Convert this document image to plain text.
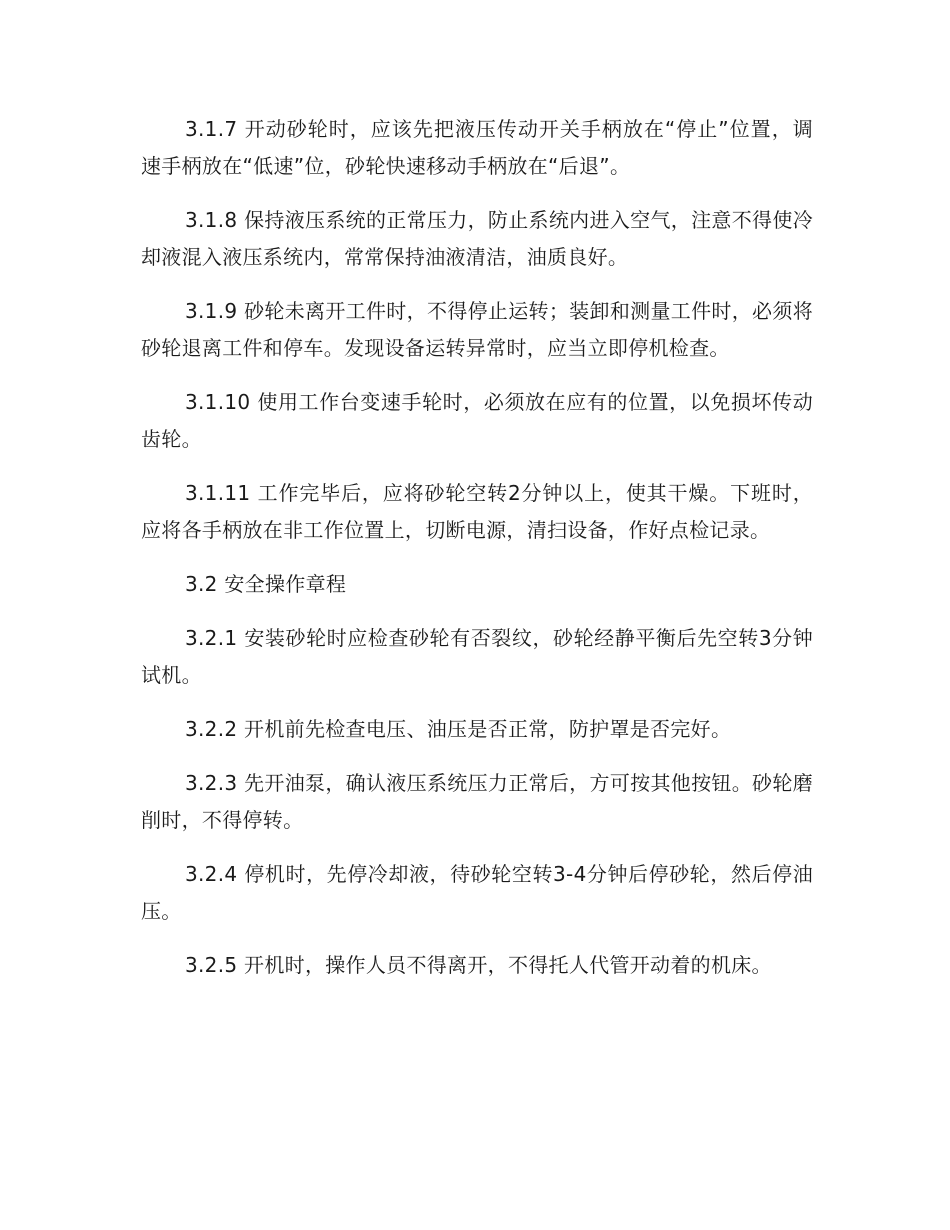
3.1.7 开动砂轮时，应该先把液压传动开关手柄放在“停止”位置，调速手柄放在“低速”位，砂轮快速移动手柄放在“后退”。

3.1.8 保持液压系统的正常压力，防止系统内进入空气，注意不得使冷却液混入液压系统内，常常保持油液清洁，油质良好。

3.1.9 砂轮未离开工件时，不得停止运转；装卸和测量工件时，必须将砂轮退离工件和停车。发现设备运转异常时，应当立即停机检查。

3.1.10 使用工作台变速手轮时，必须放在应有的位置，以免损坏传动齿轮。

3.1.11 工作完毕后，应将砂轮空转2分钟以上，使其干燥。下班时，应将各手柄放在非工作位置上，切断电源，清扫设备，作好点检记录。

3.2 安全操作章程

3.2.1 安装砂轮时应检查砂轮有否裂纹，砂轮经静平衡后先空转3分钟试机。

3.2.2 开机前先检查电压、油压是否正常，防护罩是否完好。

3.2.3 先开油泵，确认液压系统压力正常后，方可按其他按钮。砂轮磨削时，不得停转。

3.2.4 停机时，先停冷却液，待砂轮空转3-4分钟后停砂轮，然后停油压。

3.2.5 开机时，操作人员不得离开，不得托人代管开动着的机床。
